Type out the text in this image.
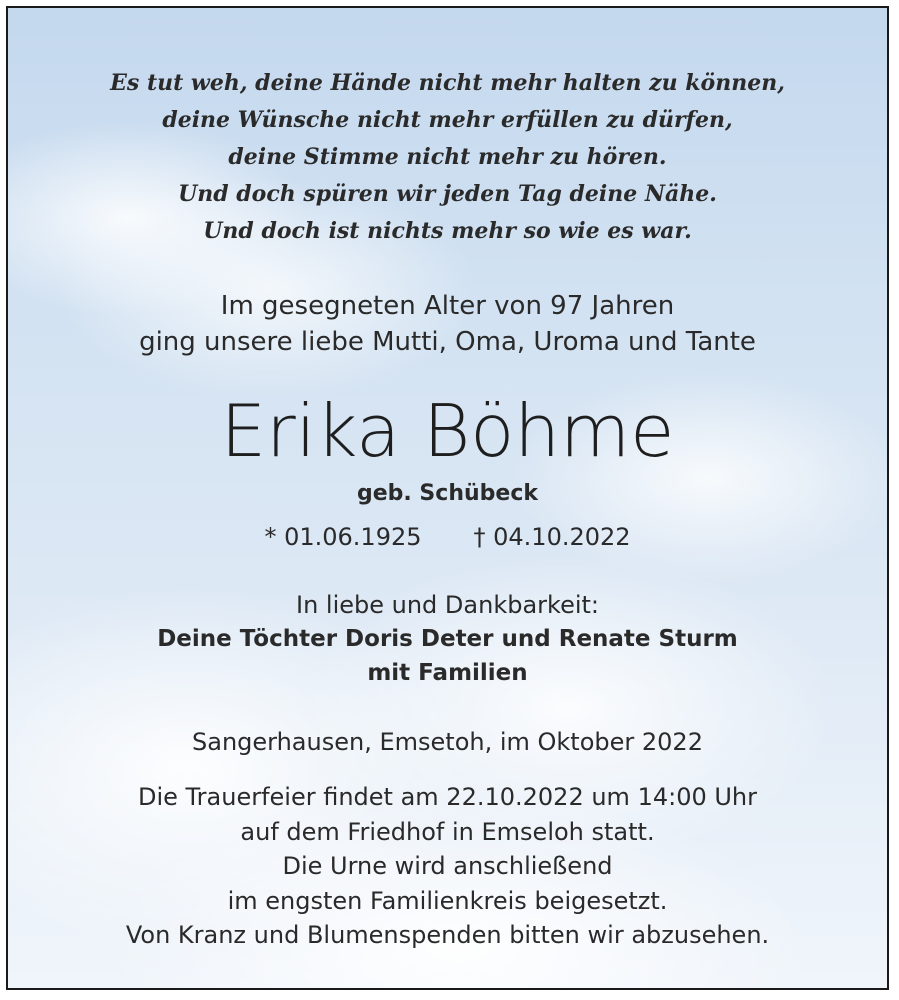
Es tut weh, deine Hände nicht mehr halten zu können,
deine Wünsche nicht mehr erfüllen zu dürfen,
deine Stimme nicht mehr zu hören.
Und doch spüren wir jeden Tag deine Nähe.
Und doch ist nichts mehr so wie es war.
Im gesegneten Alter von 97 Jahren
ging unsere liebe Mutti, Oma, Uroma und Tante
Erika Böhme
geb. Schübeck
* 01.06.1925 † 04.10.2022
In liebe und Dankbarkeit:
Deine Töchter Doris Deter und Renate Sturm
mit Familien
Sangerhausen, Emsetoh, im Oktober 2022
Die Trauerfeier findet am 22.10.2022 um 14:00 Uhr
auf dem Friedhof in Emseloh statt.
Die Urne wird anschließend
im engsten Familienkreis beigesetzt.
Von Kranz und Blumenspenden bitten wir abzusehen.
